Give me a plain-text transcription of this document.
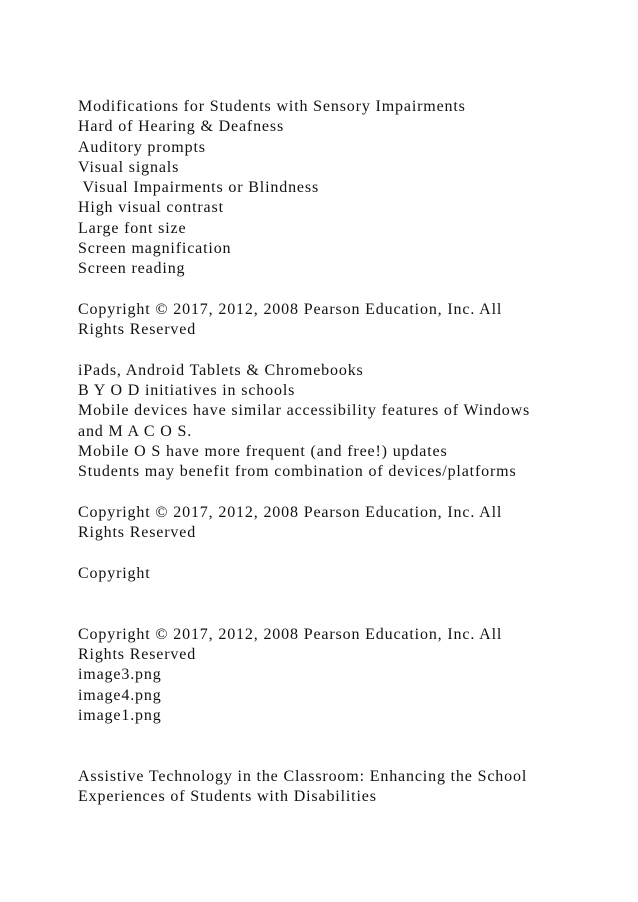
Modifications for Students with Sensory Impairments
Hard of Hearing & Deafness
Auditory prompts
Visual signals
Visual Impairments or Blindness
High visual contrast
Large font size
Screen magnification
Screen reading
Copyright © 2017, 2012, 2008 Pearson Education, Inc. All
Rights Reserved
iPads, Android Tablets & Chromebooks
B Y O D initiatives in schools
Mobile devices have similar accessibility features of Windows
and M A C O S.
Mobile O S have more frequent (and free!) updates
Students may benefit from combination of devices/platforms
Copyright © 2017, 2012, 2008 Pearson Education, Inc. All
Rights Reserved
Copyright
Copyright © 2017, 2012, 2008 Pearson Education, Inc. All
Rights Reserved
image3.png
image4.png
image1.png
Assistive Technology in the Classroom: Enhancing the School
Experiences of Students with Disabilities
